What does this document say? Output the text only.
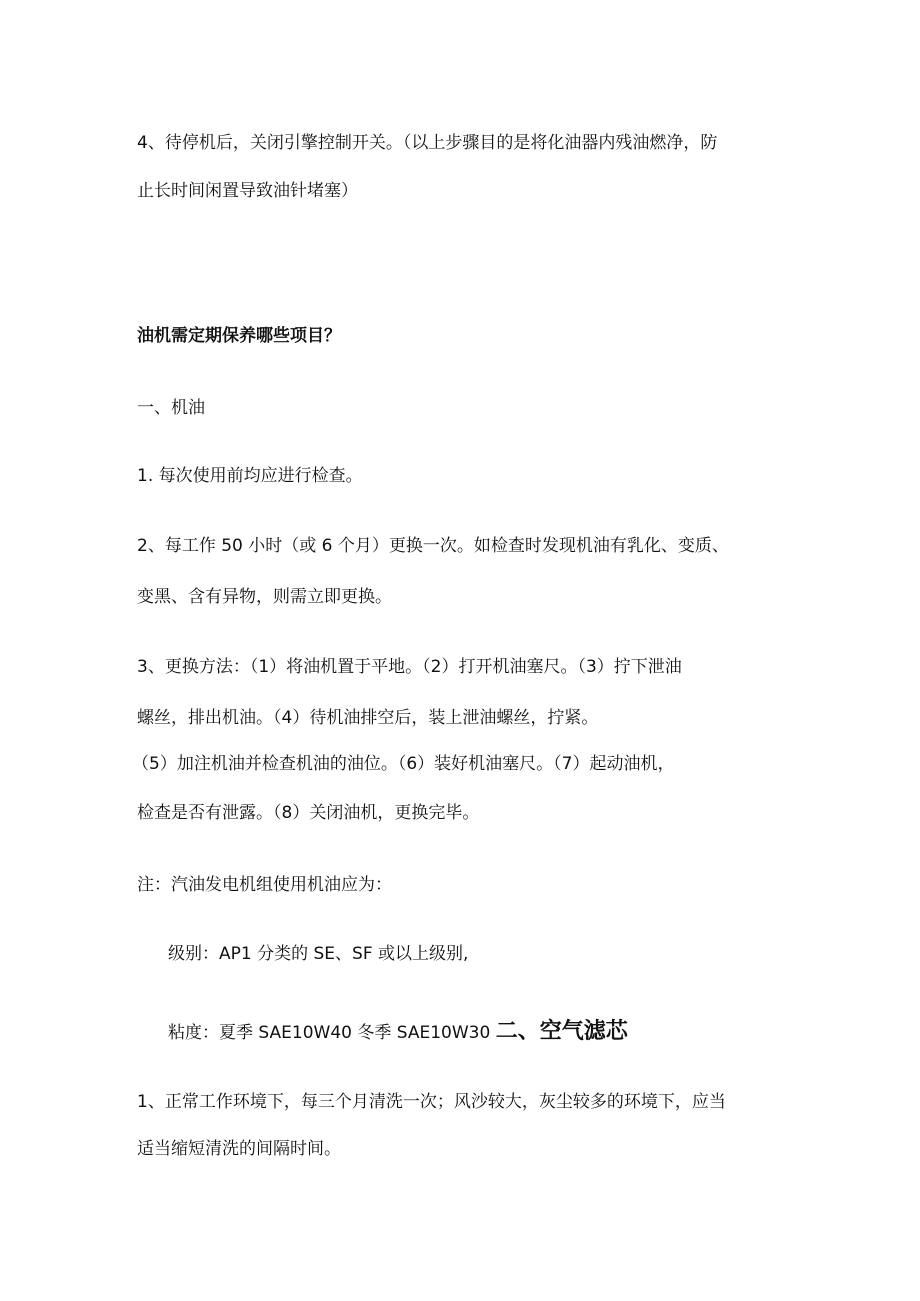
4、待停机后，关闭引擎控制开关。（以上步骤目的是将化油器内残油燃净，防
止长时间闲置导致油针堵塞）
油机需定期保养哪些项目？
一、机油
1. 每次使用前均应进行检查。
2、每工作 50 小时（或 6 个月）更换一次。如检查时发现机油有乳化、变质、
变黑、含有异物，则需立即更换。
3、更换方法：（1）将油机置于平地。（2）打开机油塞尺。（3）拧下泄油
螺丝，排出机油。（4）待机油排空后，装上泄油螺丝，拧紧。
（5）加注机油并检查机油的油位。（6）装好机油塞尺。（7）起动油机，
检查是否有泄露。（8）关闭油机，更换完毕。
注：汽油发电机组使用机油应为：
级别：AP1 分类的 SE、SF 或以上级别,
粘度：夏季 SAE10W40 冬季 SAE10W30 二、空气滤芯
1、正常工作环境下，每三个月清洗一次；风沙较大，灰尘较多的环境下，应当
适当缩短清洗的间隔时间。
